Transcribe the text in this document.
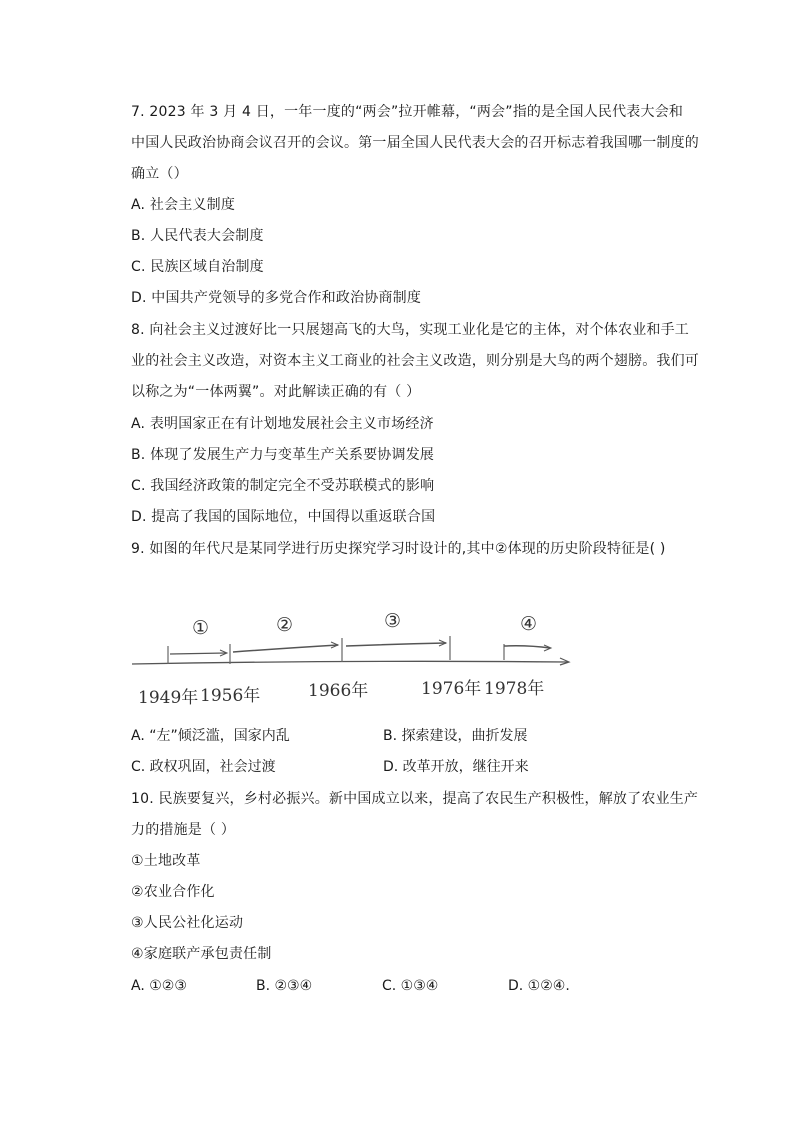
7. 2023 年 3 月 4 日，一年一度的“两会”拉开帷幕，“两会”指的是全国人民代表大会和
中国人民政治协商会议召开的会议。第一届全国人民代表大会的召开标志着我国哪一制度的
确立（）
A. 社会主义制度
B. 人民代表大会制度
C. 民族区域自治制度
D. 中国共产党领导的多党合作和政治协商制度
8. 向社会主义过渡好比一只展翅高飞的大鸟，实现工业化是它的主体，对个体农业和手工
业的社会主义改造，对资本主义工商业的社会主义改造，则分别是大鸟的两个翅膀。我们可
以称之为“一体两翼”。对此解读正确的有（ ）
A. 表明国家正在有计划地发展社会主义市场经济
B. 体现了发展生产力与变革生产关系要协调发展
C. 我国经济政策的制定完全不受苏联模式的影响
D. 提高了我国的国际地位，中国得以重返联合国
9. 如图的年代尺是某同学进行历史探究学习时设计的,其中②体现的历史阶段特征是( )
①	②	③	④
1949年 1956年	1966年	1976年 1978年
A. “左”倾泛滥，国家内乱	B. 探索建设，曲折发展
C. 政权巩固，社会过渡	D. 改革开放，继往开来
10. 民族要复兴，乡村必振兴。新中国成立以来，提高了农民生产积极性，解放了农业生产
力的措施是（ ）
①土地改革
②农业合作化
③人民公社化运动
④家庭联产承包责任制
A. ①②③	B. ②③④	C. ①③④	D. ①②④.
